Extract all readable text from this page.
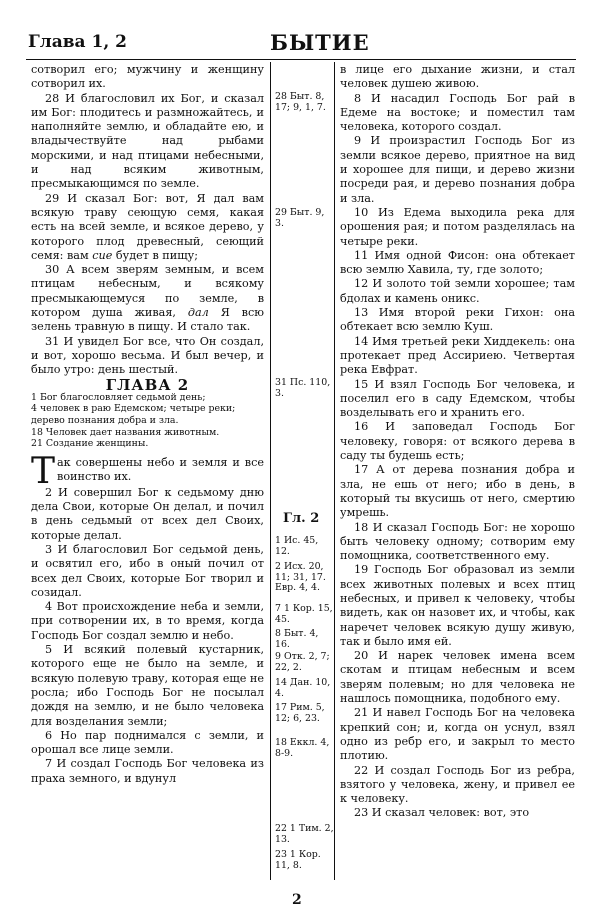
Глава 1, 2	БЫТИЕ

сотворил его; мужчину и женщину сотворил их.

28 И благословил их Бог, и сказал им Бог: плодитесь и размножайтесь, и наполняйте землю, и обладайте ею, и владычествуйте над рыбами морскими, и над птицами небесными, и над всяким животным, пресмыкающимся по земле.

29 И сказал Бог: вот, Я дал вам всякую траву сеющую семя, какая есть на всей земле, и всякое дерево, у которого плод древесный, сеющий семя: вам сие будет в пищу;

30 А всем зверям земным, и всем птицам небесным, и всякому пресмыкающемуся по земле, в котором душа живая, дал Я всю зелень травную в пищу. И стало так.

31 И увидел Бог все, что Он создал, и вот, хорошо весьма. И был вечер, и было утро: день шестый.

ГЛАВА 2

1 Бог благословляет седьмой день;
4 человек в раю Едемском; четыре реки; дерево познания добра и зла.
18 Человек дает названия животным.
21 Создание женщины.

Так совершены небо и земля и все воинство их.

2 И совершил Бог к седьмому дню дела Свои, которые Он делал, и почил в день седьмый от всех дел Своих, которые делал.

3 И благословил Бог седьмой день, и освятил его, ибо в оный почил от всех дел Своих, которые Бог творил и созидал.

4 Вот происхождение неба и земли, при сотворении их, в то время, когда Господь Бог создал землю и небо.

5 И всякий полевый кустарник, которого еще не было на земле, и всякую полевую траву, которая еще не росла; ибо Господь Бог не посылал дождя на землю, и не было человека для возделания земли;

6 Но пар поднимался с земли, и орошал все лице земли.

7 И создал Господь Бог человека из праха земного, и вдунул

28 Быт. 8, 17; 9, 1, 7.
29 Быт. 9, 3.
31 Пс. 110, 3.
1 Ис. 45, 12.
2 Исх. 20, 11; 31, 17. Евр. 4, 4.
7 1 Кор. 15, 45.
8 Быт. 4, 16.
9 Отк. 2, 7; 22, 2.
14 Дан. 10, 4.
17 Рим. 5, 12; 6, 23.
18 Еккл. 4, 8-9.
22 1 Тим. 2, 13.
23 1 Кор. 11, 8.
Гл. 2

в лице его дыхание жизни, и стал человек душею живою.

8 И насадил Господь Бог рай в Едеме на востоке; и поместил там человека, которого создал.

9 И произрастил Господь Бог из земли всякое дерево, приятное на вид и хорошее для пищи, и дерево жизни посреди рая, и дерево познания добра и зла.

10 Из Едема выходила река для орошения рая; и потом разделялась на четыре реки.

11 Имя одной Фисон: она обтекает всю землю Хавила, ту, где золото;

12 И золото той земли хорошее; там бдолах и камень оникс.

13 Имя второй реки Гихон: она обтекает всю землю Куш.

14 Имя третьей реки Хиддекель: она протекает пред Ассириею. Четвертая река Евфрат.

15 И взял Господь Бог человека, и поселил его в саду Едемском, чтобы возделывать его и хранить его.

16 И заповедал Господь Бог человеку, говоря: от всякого дерева в саду ты будешь есть;

17 А от дерева познания добра и зла, не ешь от него; ибо в день, в который ты вкусишь от него, смертию умрешь.

18 И сказал Господь Бог: не хорошо быть человеку одному; сотворим ему помощника, соответственного ему.

19 Господь Бог образовал из земли всех животных полевых и всех птиц небесных, и привел к человеку, чтобы видеть, как он назовет их, и чтобы, как наречет человек всякую душу живую, так и было имя ей.

20 И нарек человек имена всем скотам и птицам небесным и всем зверям полевым; но для человека не нашлось помощника, подобного ему.

21 И навел Господь Бог на человека крепкий сон; и, когда он уснул, взял одно из ребр его, и закрыл то место плотию.

22 И создал Господь Бог из ребра, взятого у человека, жену, и привел ее к человеку.

23 И сказал человек: вот, это

2
